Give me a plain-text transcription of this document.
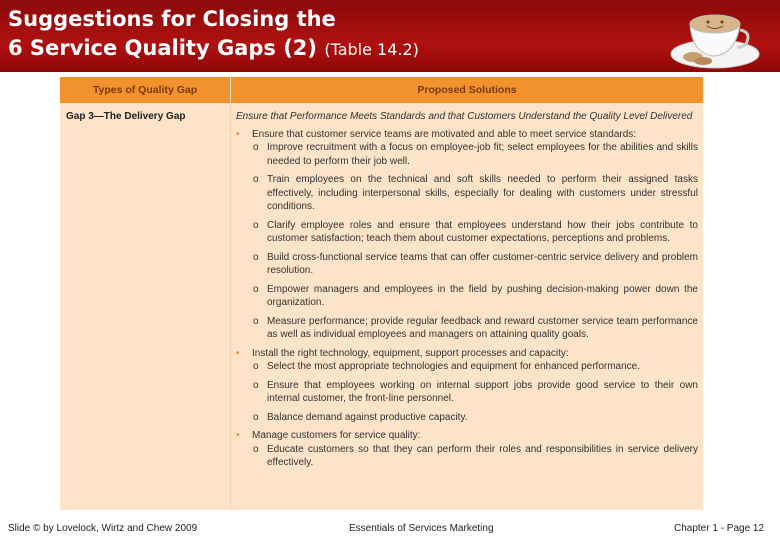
Suggestions for Closing the
6 Service Quality Gaps (2) (Table 14.2)
Types of Quality Gap	Proposed Solutions
Gap 3—The Delivery Gap	Ensure that Performance Meets Standards and that Customers Understand the Quality Level Delivered
• Ensure that customer service teams are motivated and able to meet service standards:
o Improve recruitment with a focus on employee-job fit; select employees for the abilities and skills needed to perform their job well.
o Train employees on the technical and soft skills needed to perform their assigned tasks effectively, including interpersonal skills, especially for dealing with customers under stressful conditions.
o Clarify employee roles and ensure that employees understand how their jobs contribute to customer satisfaction; teach them about customer expectations, perceptions and problems.
o Build cross-functional service teams that can offer customer-centric service delivery and problem resolution.
o Empower managers and employees in the field by pushing decision-making power down the organization.
o Measure performance; provide regular feedback and reward customer service team performance as well as individual employees and managers on attaining quality goals.
• Install the right technology, equipment, support processes and capacity:
o Select the most appropriate technologies and equipment for enhanced performance.
o Ensure that employees working on internal support jobs provide good service to their own internal customer, the front-line personnel.
o Balance demand against productive capacity.
• Manage customers for service quality:
o Educate customers so that they can perform their roles and responsibilities in service delivery effectively.
Slide © by Lovelock, Wirtz and Chew 2009	Essentials of Services Marketing	Chapter 1 - Page 12
